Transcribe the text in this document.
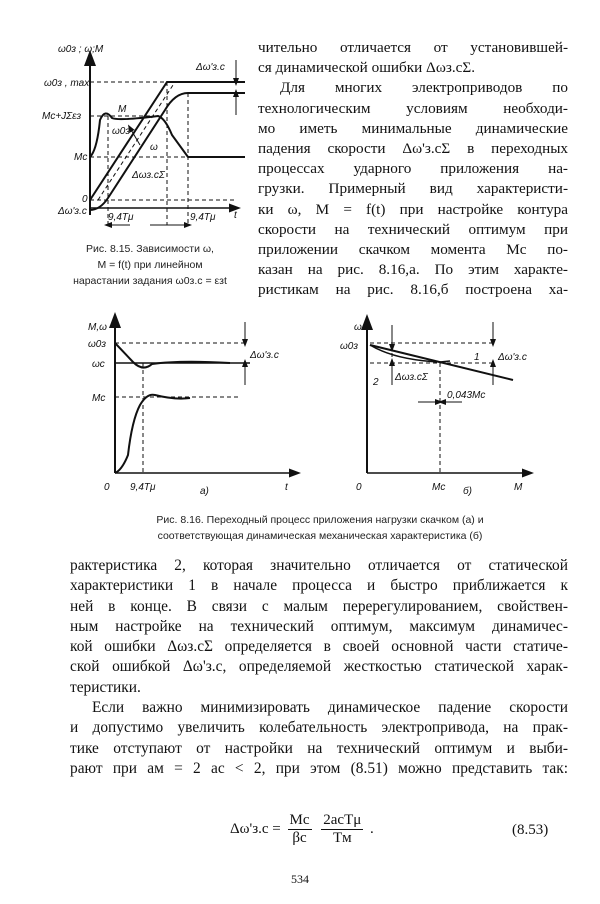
ω0з ; ω;M
ω0з , max
Mc+JΣεз
Mc
0
Δω'з.с
Δω'з.с
M
ω0з
ω
Δωз.сΣ
t
9,4Tμ	9,4Tμ
M,ω
ω0з
ωc
Mc
0 9,4Tμ	a)	t
Δω'з.с
ω
ω0з
0	Mc б)	M
Δω'з.с
Δωз.сΣ
1
2
0,043Mc
Рис. 8.15. Зависимости ω,
M = f(t) при линейном
нарастании задания ω0з.с = εзt
Рис. 8.16. Переходный процесс приложения нагрузки скачком (а) и
соответствующая динамическая механическая характеристика (б)
чительно отличается от установившей-
ся динамической ошибки Δωз.сΣ.
Для многих электроприводов по
технологическим условиям необходи-
мо иметь минимальные динамические
падения скорости Δω'з.сΣ в переходных
процессах ударного приложения на-
грузки. Примерный вид характеристи-
ки ω, M = f(t) при настройке контура
скорости на технический оптимум при
приложении скачком момента Mc по-
казан на рис. 8.16,а. По этим характе-
ристикам на рис. 8.16,б построена ха-
рактеристика 2, которая значительно отличается от статической
характеристики 1 в начале процесса и быстро приближается к
ней в конце. В связи с малым перерегулированием, свойствен-
ным настройке на технический оптимум, максимум динамичес-
кой ошибки Δωз.сΣ определяется в своей основной части статиче-
ской ошибкой Δω'з.с, определяемой жесткостью статической харак-
теристики.
Если важно минимизировать динамическое падение скорости
и допустимо увеличить колебательность электропривода, на прак-
тике отступают от настройки на технический оптимум и выби-
рают при aм = 2 ac < 2, при этом (8.51) можно представить так:
$\Delta\omega'з.с = \frac{Mc}{\beta c}$
$\frac{\text{2acTμ}}{Tм}$ .	(8.53)
534
